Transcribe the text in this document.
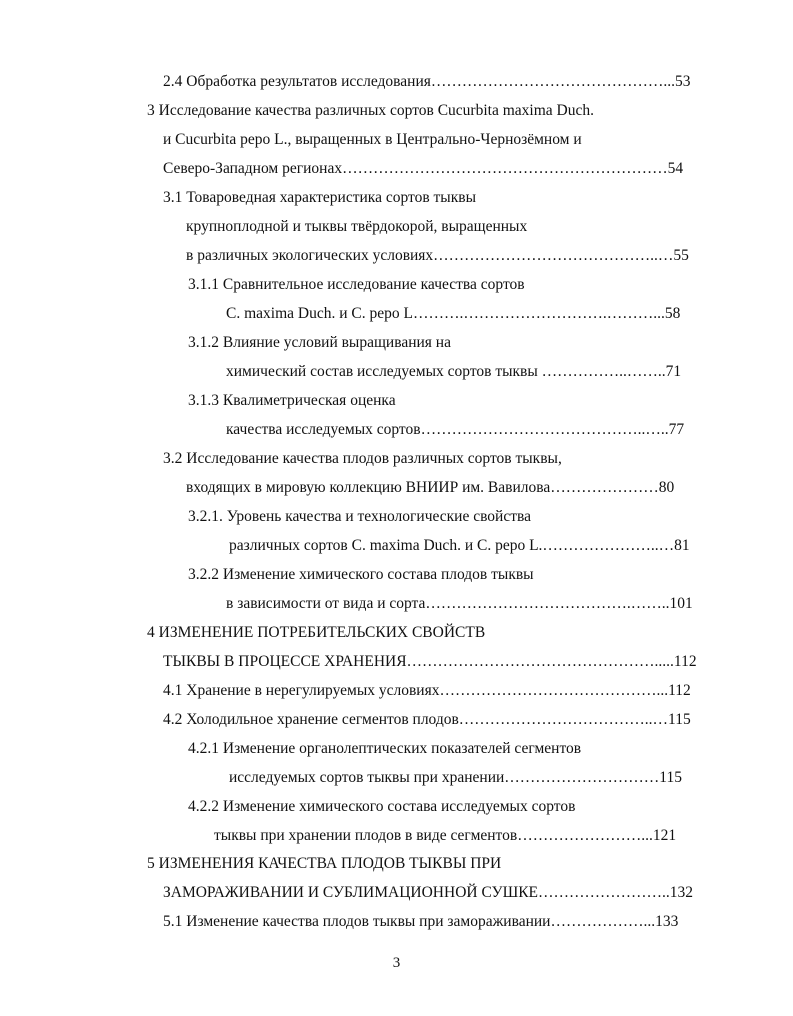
2.4 Обработка результатов исследования………………………………………...53
3 Исследование качества различных сортов Cucurbita maxima Duch.
и Cucurbita pepo L., выращенных в Центрально-Чернозёмном и
Северо-Западном регионах………………………………………………………54
3.1 Товароведная характеристика сортов тыквы
крупноплодной и тыквы твёрдокорой, выращенных
в различных экологических условиях……………………………………..…55
3.1.1 Сравнительное исследование качества сортов
C. maxima Duch. и C. pepo L……….……………………….………...58
3.1.2 Влияние условий выращивания на
химический состав исследуемых сортов тыквы ……………..……..71
3.1.3 Квалиметрическая оценка
качества исследуемых сортов……………………………………..…..77
3.2 Исследование качества плодов различных сортов тыквы,
входящих в мировую коллекцию ВНИИР им. Вавилова…………………80
3.2.1. Уровень качества и технологические свойства
различных сортов C. maxima Duch. и C. pepo L.…………………..…81
3.2.2 Изменение химического состава плодов тыквы
в зависимости от вида и сорта………………………………….……..101
4 ИЗМЕНЕНИЕ ПОТРЕБИТЕЛЬСКИХ СВОЙСТВ
ТЫКВЫ В ПРОЦЕССЕ ХРАНЕНИЯ………………………………………….....112
4.1 Хранение в нерегулируемых условиях……………………………………...112
4.2 Холодильное хранение сегментов плодов………………………………..…115
4.2.1 Изменение органолептических показателей сегментов
исследуемых сортов тыквы при хранении…………………………115
4.2.2 Изменение химического состава исследуемых сортов
тыквы при хранении плодов в виде сегментов……………………...121
5 ИЗМЕНЕНИЯ КАЧЕСТВА ПЛОДОВ ТЫКВЫ ПРИ
ЗАМОРАЖИВАНИИ И СУБЛИМАЦИОННОЙ СУШКЕ……………………..132
5.1 Изменение качества плодов тыквы при замораживании………………...133
3
